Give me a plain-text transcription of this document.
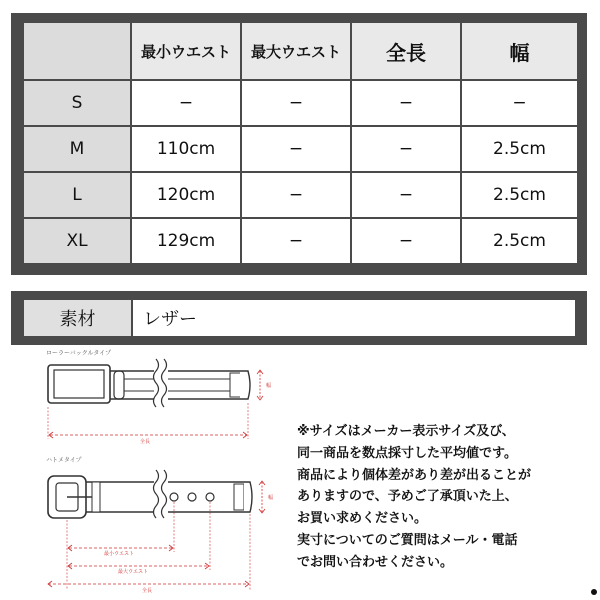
	最小ウエスト	最大ウエスト	全長	幅
S	−	−	−	−
M	110cm	−	−	2.5cm
L	120cm	−	−	2.5cm
XL	129cm	−	−	2.5cm
素材	レザー
ローラーバックルタイプ
幅
全長
ハトメタイプ
幅
最小ウエスト
最大ウエスト
全長
※サイズはメーカー表示サイズ及び、
同一商品を数点採寸した平均値です。
商品により個体差があり差が出ることが
ありますので、予めご了承頂いた上、
お買い求めください。
実寸についてのご質問はメール・電話
でお問い合わせください。
